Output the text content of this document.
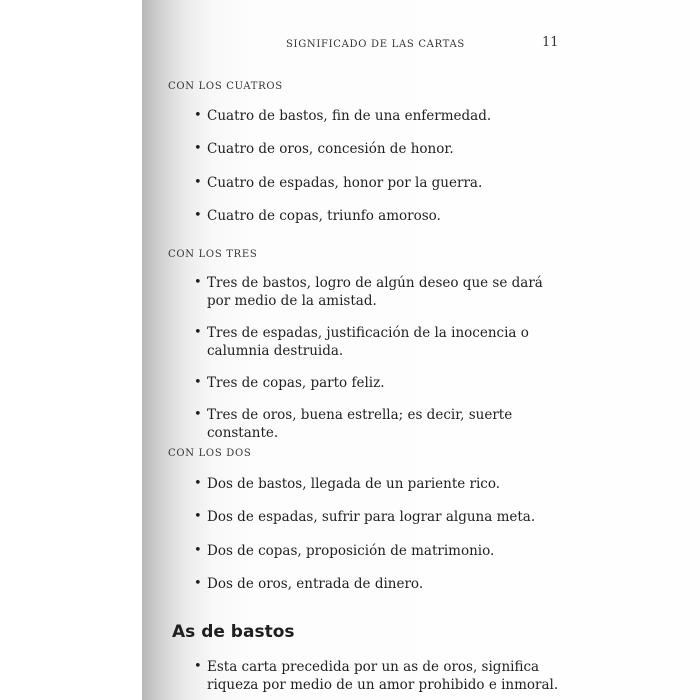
SIGNIFICADO DE LAS CARTAS	11
CON LOS CUATROS
• Cuatro de bastos, fin de una enfermedad.
• Cuatro de oros, concesión de honor.
• Cuatro de espadas, honor por la guerra.
• Cuatro de copas, triunfo amoroso.
CON LOS TRES
• Tres de bastos, logro de algún deseo que se dará por medio de la amistad.
• Tres de espadas, justificación de la inocencia o calumnia destruida.
• Tres de copas, parto feliz.
• Tres de oros, buena estrella; es decir, suerte constante.
CON LOS DOS
• Dos de bastos, llegada de un pariente rico.
• Dos de espadas, sufrir para lograr alguna meta.
• Dos de copas, proposición de matrimonio.
• Dos de oros, entrada de dinero.
As de bastos
• Esta carta precedida por un as de oros, significa riqueza por medio de un amor prohibido e inmoral.
